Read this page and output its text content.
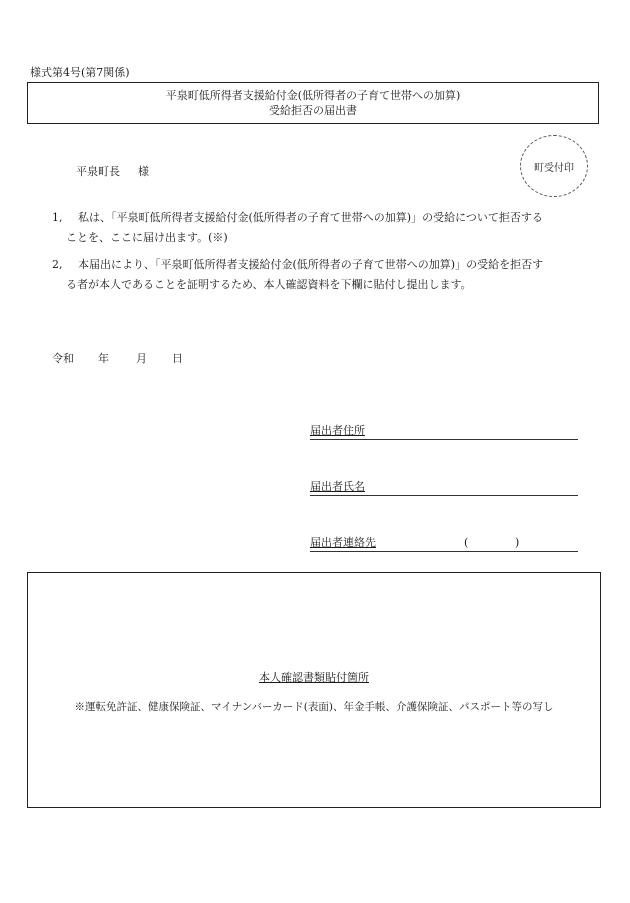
様式第4号(第7関係)
平泉町低所得者支援給付金(低所得者の子育て世帯への加算)
受給拒否の届出書
平泉町長 様	町受付印
1, 私は、「平泉町低所得者支援給付金(低所得者の子育て世帯への加算)」の受給について拒否する
ことを、ここに届け出ます。(※)
2, 本届出により、「平泉町低所得者支援給付金(低所得者の子育て世帯への加算)」の受給を拒否す
る者が本人であることを証明するため、本人確認資料を下欄に貼付し提出します。
令和 年 月 日
届出者住所
届出者氏名
届出者連絡先	(	)
本人確認書類貼付箇所
※運転免許証、健康保険証、マイナンバーカード(表面)、年金手帳、介護保険証、パスポート等の写し
